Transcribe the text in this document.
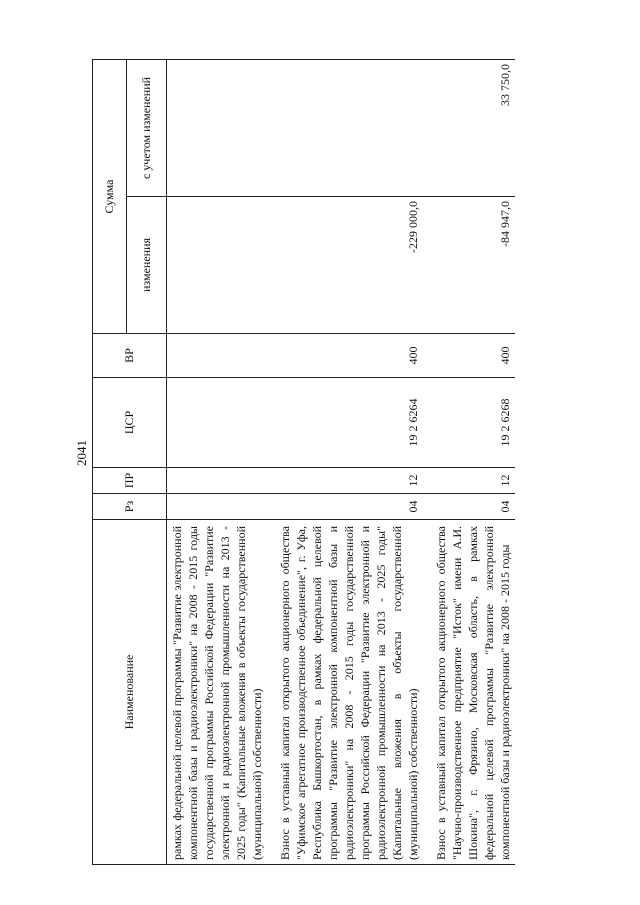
2041
Наименование	Рз	ПР	ЦСР	ВР	Сумма	
					изменения	с учетом изменений
рамках федеральной целевой программы "Развитие электронной компонентной базы и радиоэлектроники" на 2008 - 2015 годы государственной программы Российской Федерации "Развитие электронной и радиоэлектронной промышленности на 2013 - 2025 годы" (Капитальные вложения в объекты государственной (муниципальной) собственности)						

Взнос в уставный капитал открытого акционерного общества "Уфимское агрегатное производственное объединение", г. Уфа, Республика Башкортостан, в рамках федеральной целевой программы "Развитие электронной компонентной базы и радиоэлектроники" на 2008 - 2015 годы государственной программы Российской Федерации "Развитие электронной и радиоэлектронной промышленности на 2013 - 2025 годы" (Капитальные вложения в объекты государственной (муниципальной) собственности)	04	12	19 2 6264	400	-229 000,0	

Взнос в уставный капитал открытого акционерного общества "Научно-производственное предприятие "Исток" имени А.И. Шокина", г. Фрязино, Московская область, в рамках федеральной целевой программы "Развитие электронной компонентной базы и радиоэлектроники" на 2008 - 2015 годы	04	12	19 2 6268	400	-84 947,0	33 750,0
